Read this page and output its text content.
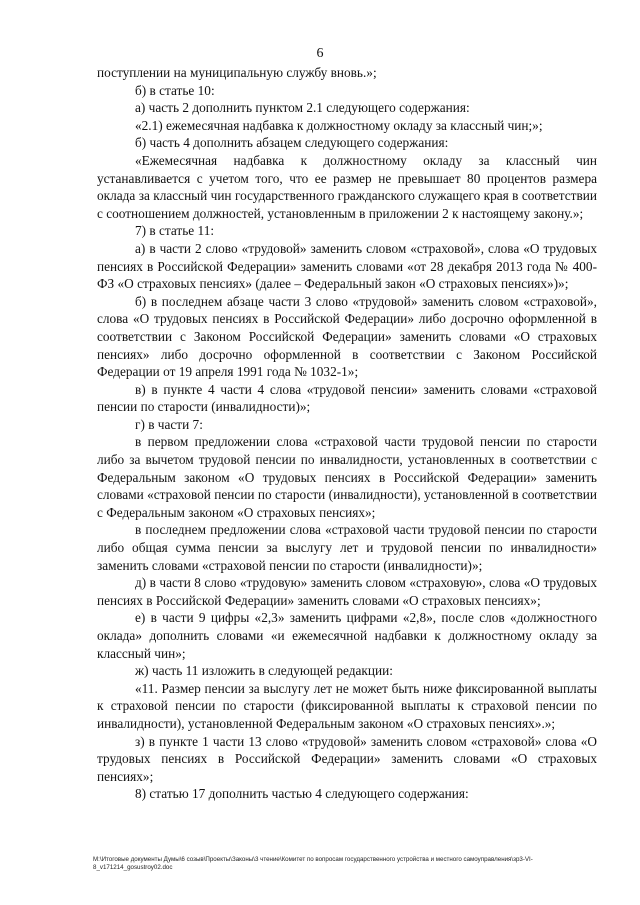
6

поступлении на муниципальную службу вновь.»;

б) в статье 10:

а) часть 2 дополнить пунктом 2.1 следующего содержания:

«2.1) ежемесячная надбавка к должностному окладу за классный чин;»;

б) часть 4 дополнить абзацем следующего содержания:

«Ежемесячная надбавка к должностному окладу за классный чин устанавливается с учетом того, что ее размер не превышает 80 процентов размера оклада за классный чин государственного гражданского служащего края в соответствии с соотношением должностей, установленным в приложении 2 к настоящему закону.»;

7) в статье 11:

а) в части 2 слово «трудовой» заменить словом «страховой», слова «О трудовых пенсиях в Российской Федерации» заменить словами «от 28 декабря 2013 года № 400-ФЗ «О страховых пенсиях» (далее – Федеральный закон «О страховых пенсиях»)»;

б) в последнем абзаце части 3 слово «трудовой» заменить словом «страховой», слова «О трудовых пенсиях в Российской Федерации» либо досрочно оформленной в соответствии с Законом Российской Федерации» заменить словами «О страховых пенсиях» либо досрочно оформленной в соответствии с Законом Российской Федерации от 19 апреля 1991 года № 1032-1»;

в) в пункте 4 части 4 слова «трудовой пенсии» заменить словами «страховой пенсии по старости (инвалидности)»;

г) в части 7:

в первом предложении слова «страховой части трудовой пенсии по старости либо за вычетом трудовой пенсии по инвалидности, установленных в соответствии с Федеральным законом «О трудовых пенсиях в Российской Федерации» заменить словами «страховой пенсии по старости (инвалидности), установленной в соответствии с Федеральным законом «О страховых пенсиях»;

в последнем предложении слова «страховой части трудовой пенсии по старости либо общая сумма пенсии за выслугу лет и трудовой пенсии по инвалидности» заменить словами «страховой пенсии по старости (инвалидности)»;

д) в части 8 слово «трудовую» заменить словом «страховую», слова «О трудовых пенсиях в Российской Федерации» заменить словами «О страховых пенсиях»;

е) в части 9 цифры «2,3» заменить цифрами «2,8», после слов «должностного оклада» дополнить словами «и ежемесячной надбавки к должностному окладу за классный чин»;

ж) часть 11 изложить в следующей редакции:

«11. Размер пенсии за выслугу лет не может быть ниже фиксированной выплаты к страховой пенсии по старости (фиксированной выплаты к страховой пенсии по инвалидности), установленной Федеральным законом «О страховых пенсиях».»;

з) в пункте 1 части 13 слово «трудовой» заменить словом «страховой» слова «О трудовых пенсиях в Российской Федерации» заменить словами «О страховых пенсиях»;

8) статью 17 дополнить частью 4 следующего содержания:

M:\Итоговые документы Думы\6 созыв\Проекты\Законы\3 чтение\Комитет по вопросам государственного устройства и местного самоуправления\зр3-VI-8_v171214_gosustroy02.doc
